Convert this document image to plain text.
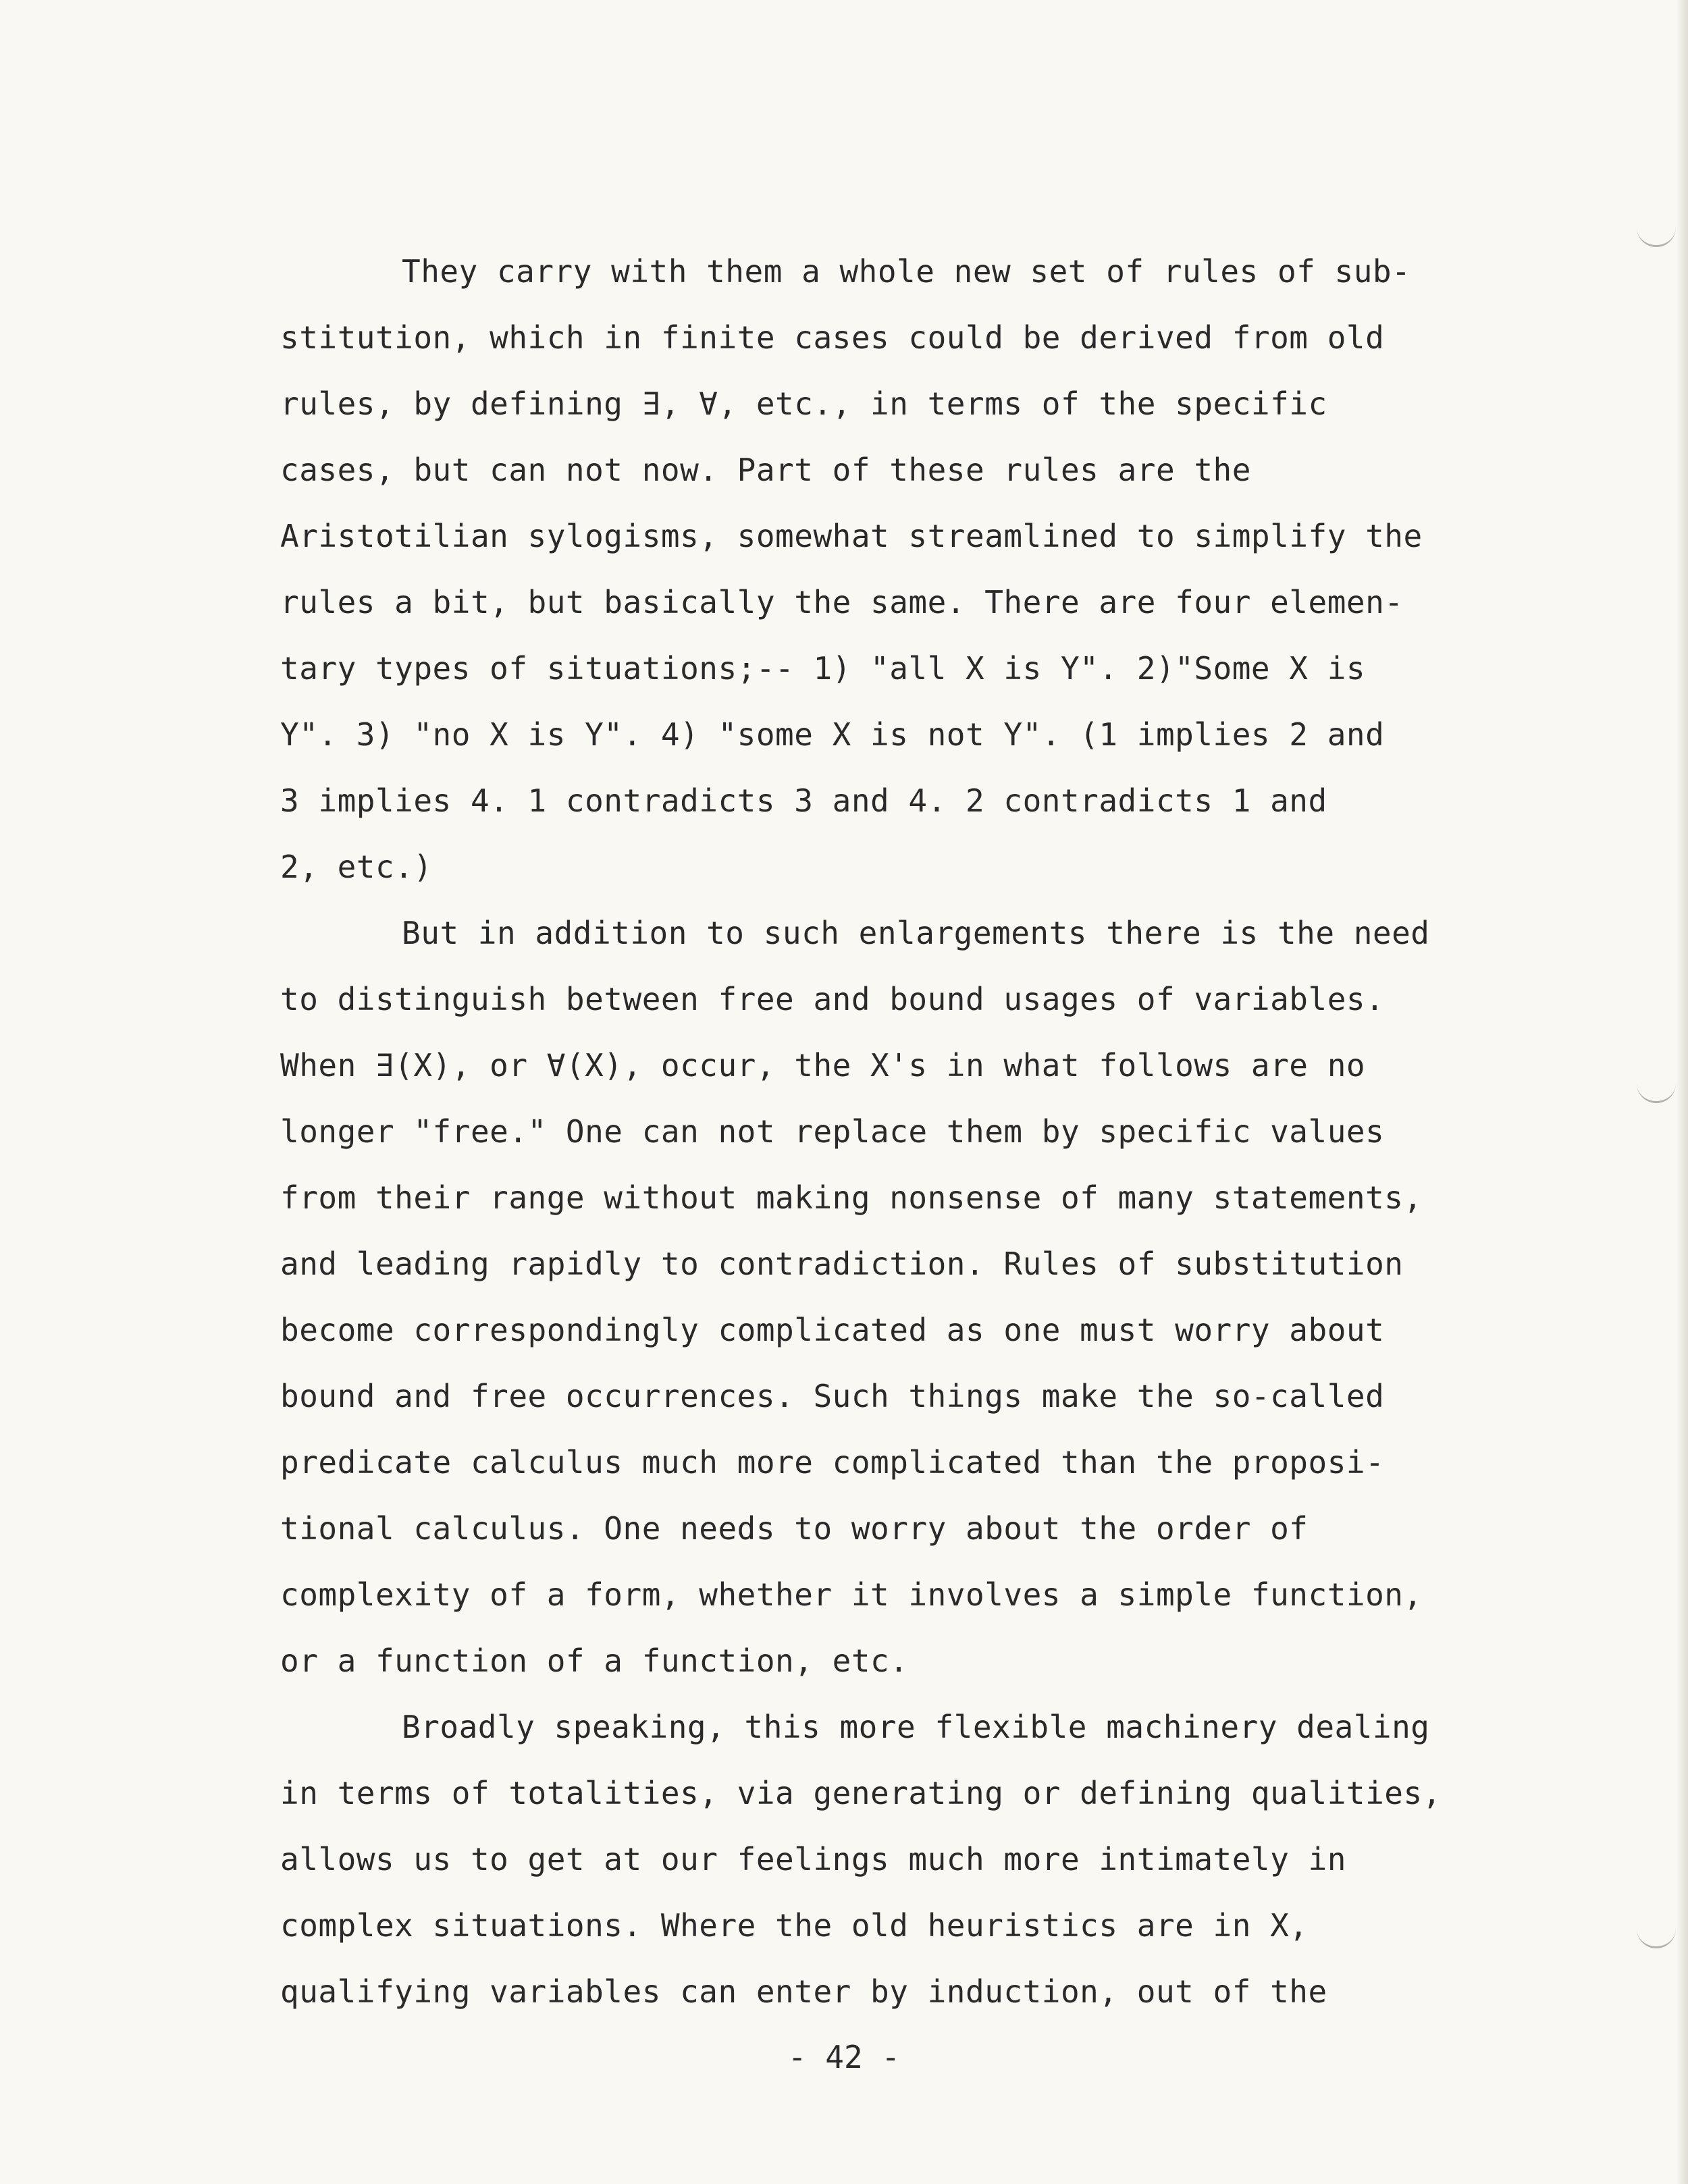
They carry with them a whole new set of rules of sub-
stitution, which in finite cases could be derived from old
rules, by defining ∃, ∀, etc., in terms of the specific
cases, but can not now. Part of these rules are the
Aristotilian sylogisms, somewhat streamlined to simplify the
rules a bit, but basically the same. There are four elemen-
tary types of situations;-- 1) "all X is Y". 2)"Some X is
Y". 3) "no X is Y". 4) "some X is not Y". (1 implies 2 and
3 implies 4. 1 contradicts 3 and 4. 2 contradicts 1 and
2, etc.)
But in addition to such enlargements there is the need
to distinguish between free and bound usages of variables.
When ∃(X), or ∀(X), occur, the X's in what follows are no
longer "free." One can not replace them by specific values
from their range without making nonsense of many statements,
and leading rapidly to contradiction. Rules of substitution
become correspondingly complicated as one must worry about
bound and free occurrences. Such things make the so-called
predicate calculus much more complicated than the proposi-
tional calculus. One needs to worry about the order of
complexity of a form, whether it involves a simple function,
or a function of a function, etc.
Broadly speaking, this more flexible machinery dealing
in terms of totalities, via generating or defining qualities,
allows us to get at our feelings much more intimately in
complex situations. Where the old heuristics are in X,
qualifying variables can enter by induction, out of the
- 42 -
